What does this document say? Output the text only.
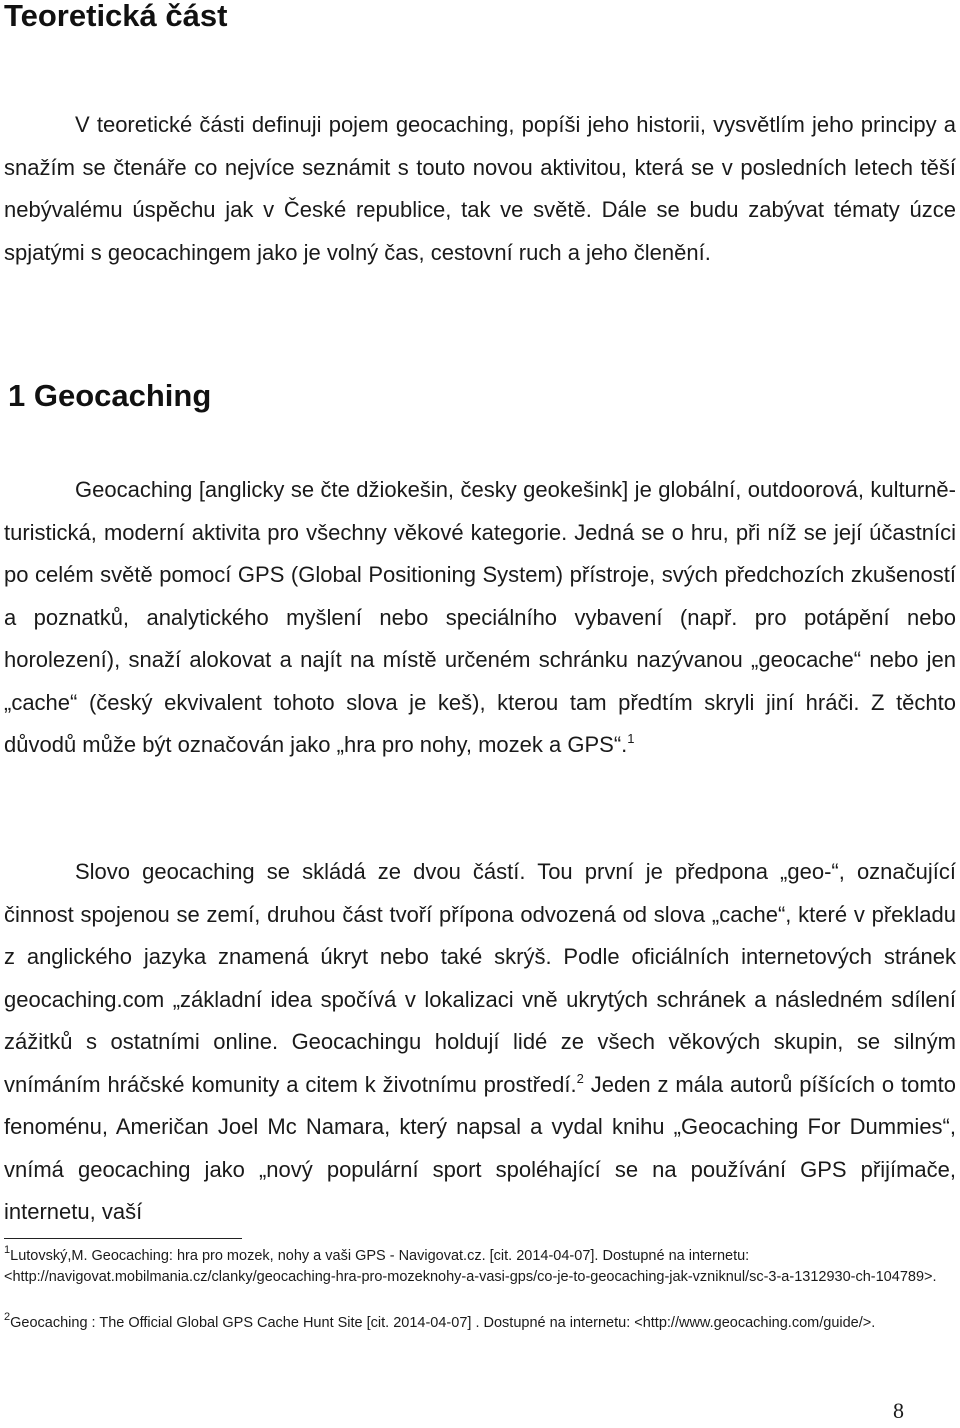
Teoretická část

V teoretické části definuji pojem geocaching, popíši jeho historii, vysvětlím jeho principy a snažím se čtenáře co nejvíce seznámit s touto novou aktivitou, která se v posledních letech těší nebývalému úspěchu jak v České republice, tak ve světě. Dále se budu zabývat tématy úzce spjatými s geocachingem jako je volný čas, cestovní ruch a jeho členění.

1 Geocaching

Geocaching [anglicky se čte džiokešin, česky geokešink] je globální, outdoorová, kulturně-turistická, moderní aktivita pro všechny věkové kategorie. Jedná se o hru, při níž se její účastníci po celém světě pomocí GPS (Global Positioning System) přístroje, svých předchozích zkušeností a poznatků, analytického myšlení nebo speciálního vybavení (např. pro potápění nebo horolezení), snaží alokovat a najít na místě určeném schránku nazývanou „geocache“ nebo jen „cache“ (český ekvivalent tohoto slova je keš), kterou tam předtím skryli jiní hráči. Z těchto důvodů může být označován jako „hra pro nohy, mozek a GPS“.$^1$

Slovo geocaching se skládá ze dvou částí. Tou první je předpona „geo-“, označující činnost spojenou se zemí, druhou část tvoří přípona odvozená od slova „cache“, které v překladu z anglického jazyka znamená úkryt nebo také skrýš. Podle oficiálních internetových stránek geocaching.com „základní idea spočívá v lokalizaci vně ukrytých schránek a následném sdílení zážitků s ostatními online. Geocachingu holdují lidé ze všech věkových skupin, se silným vnímáním hráčské komunity a citem k životnímu prostředí.$^2$ Jeden z mála autorů píšících o tomto fenoménu, Američan Joel Mc Namara, který napsal a vydal knihu „Geocaching For Dummies“, vnímá geocaching jako „nový populární sport spoléhající se na používání GPS přijímače, internetu, vaší

$^1$Lutovský,M. Geocaching: hra pro mozek, nohy a vaši GPS - Navigovat.cz. [cit. 2014-04-07]. Dostupné na internetu: <http://navigovat.mobilmania.cz/clanky/geocaching-hra-pro-mozeknohy-a-vasi-gps/co-je-to-geocaching-jak-vzniknul/sc-3-a-1312930-ch-104789>.

$^2$Geocaching : The Official Global GPS Cache Hunt Site [cit. 2014-04-07] . Dostupné na internetu: <http://www.geocaching.com/guide/>.

8
